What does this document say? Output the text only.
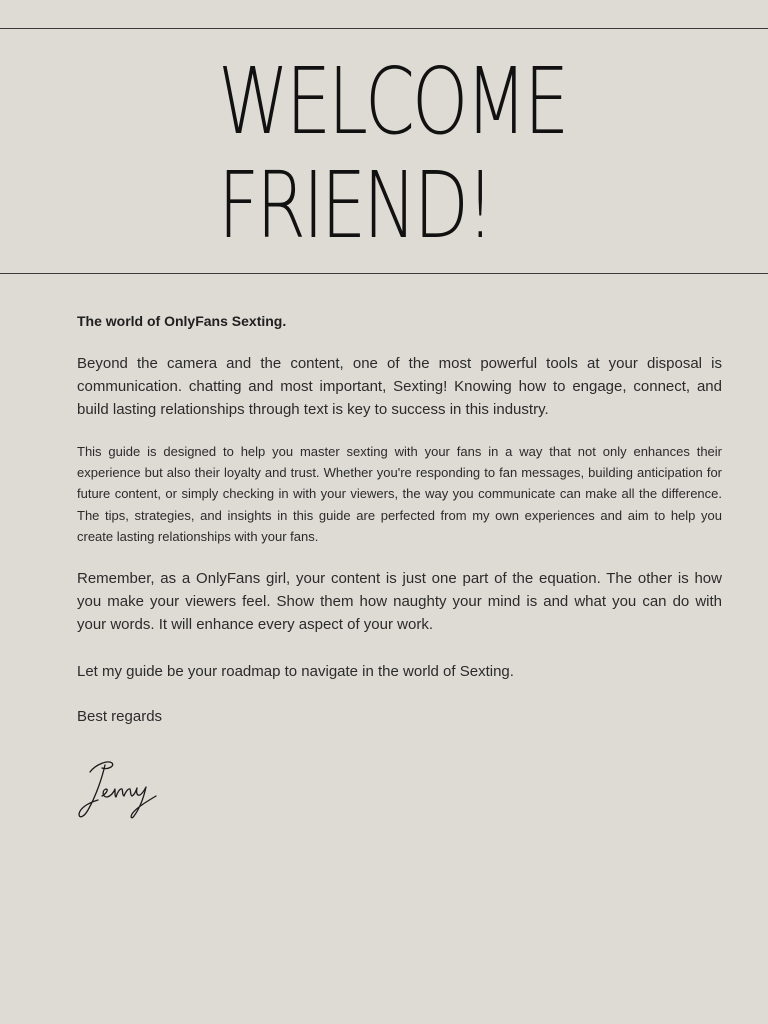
WELCOME
FRIEND!

The world of OnlyFans Sexting.

Beyond the camera and the content, one of the most powerful tools at your disposal is communication. chatting and most important, Sexting! Knowing how to engage, connect, and build lasting relationships through text is key to success in this industry.

This guide is designed to help you master sexting with your fans in a way that not only enhances their experience but also their loyalty and trust. Whether you're responding to fan messages, building anticipation for future content, or simply checking in with your viewers, the way you communicate can make all the difference. The tips, strategies, and insights in this guide are perfected from my own experiences and aim to help you create lasting relationships with your fans.

Remember, as a OnlyFans girl, your content is just one part of the equation. The other is how you make your viewers feel. Show them how naughty your mind is and what you can do with your words. It will enhance every aspect of your work.

Let my guide be your roadmap to navigate in the world of Sexting.

Best regards
